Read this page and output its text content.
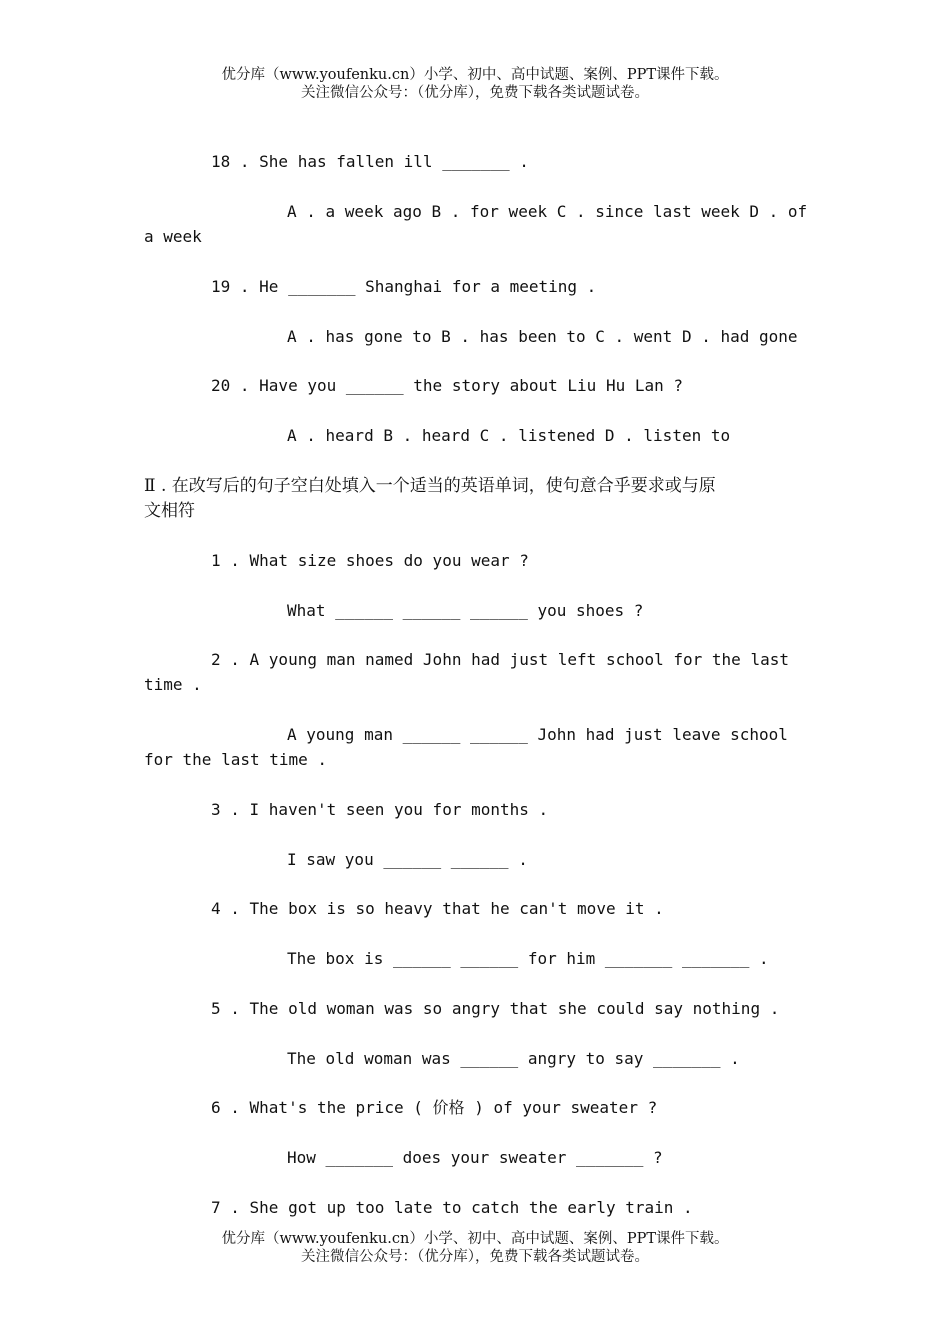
优分库（www.youfenku.cn）小学、初中、高中试题、案例、PPT课件下载。
关注微信公众号：（优分库），免费下载各类试题试卷。
18 . She has fallen ill _______ .
A . a week ago B . for week C . since last week D . of
a week
19 . He _______ Shanghai for a meeting .
A . has gone to B . has been to C . went D . had gone
20 . Have you ______ the story about Liu Hu Lan ?
A . heard B . heard C . listened D . listen to
Ⅱ . 在改写后的句子空白处填入一个适当的英语单词，使句意合乎要求或与原
文相符
1 . What size shoes do you wear ?
What ______ ______ ______ you shoes ?
2 . A young man named John had just left school for the last
time .
A young man ______ ______ John had just leave school
for the last time .
3 . I haven't seen you for months .
I saw you ______ ______ .
4 . The box is so heavy that he can't move it .
The box is ______ ______ for him _______ _______ .
5 . The old woman was so angry that she could say nothing .
The old woman was ______ angry to say _______ .
6 . What's the price ( 价格 ) of your sweater ?
How _______ does your sweater _______ ?
7 . She got up too late to catch the early train .
优分库（www.youfenku.cn）小学、初中、高中试题、案例、PPT课件下载。
关注微信公众号：（优分库），免费下载各类试题试卷。
